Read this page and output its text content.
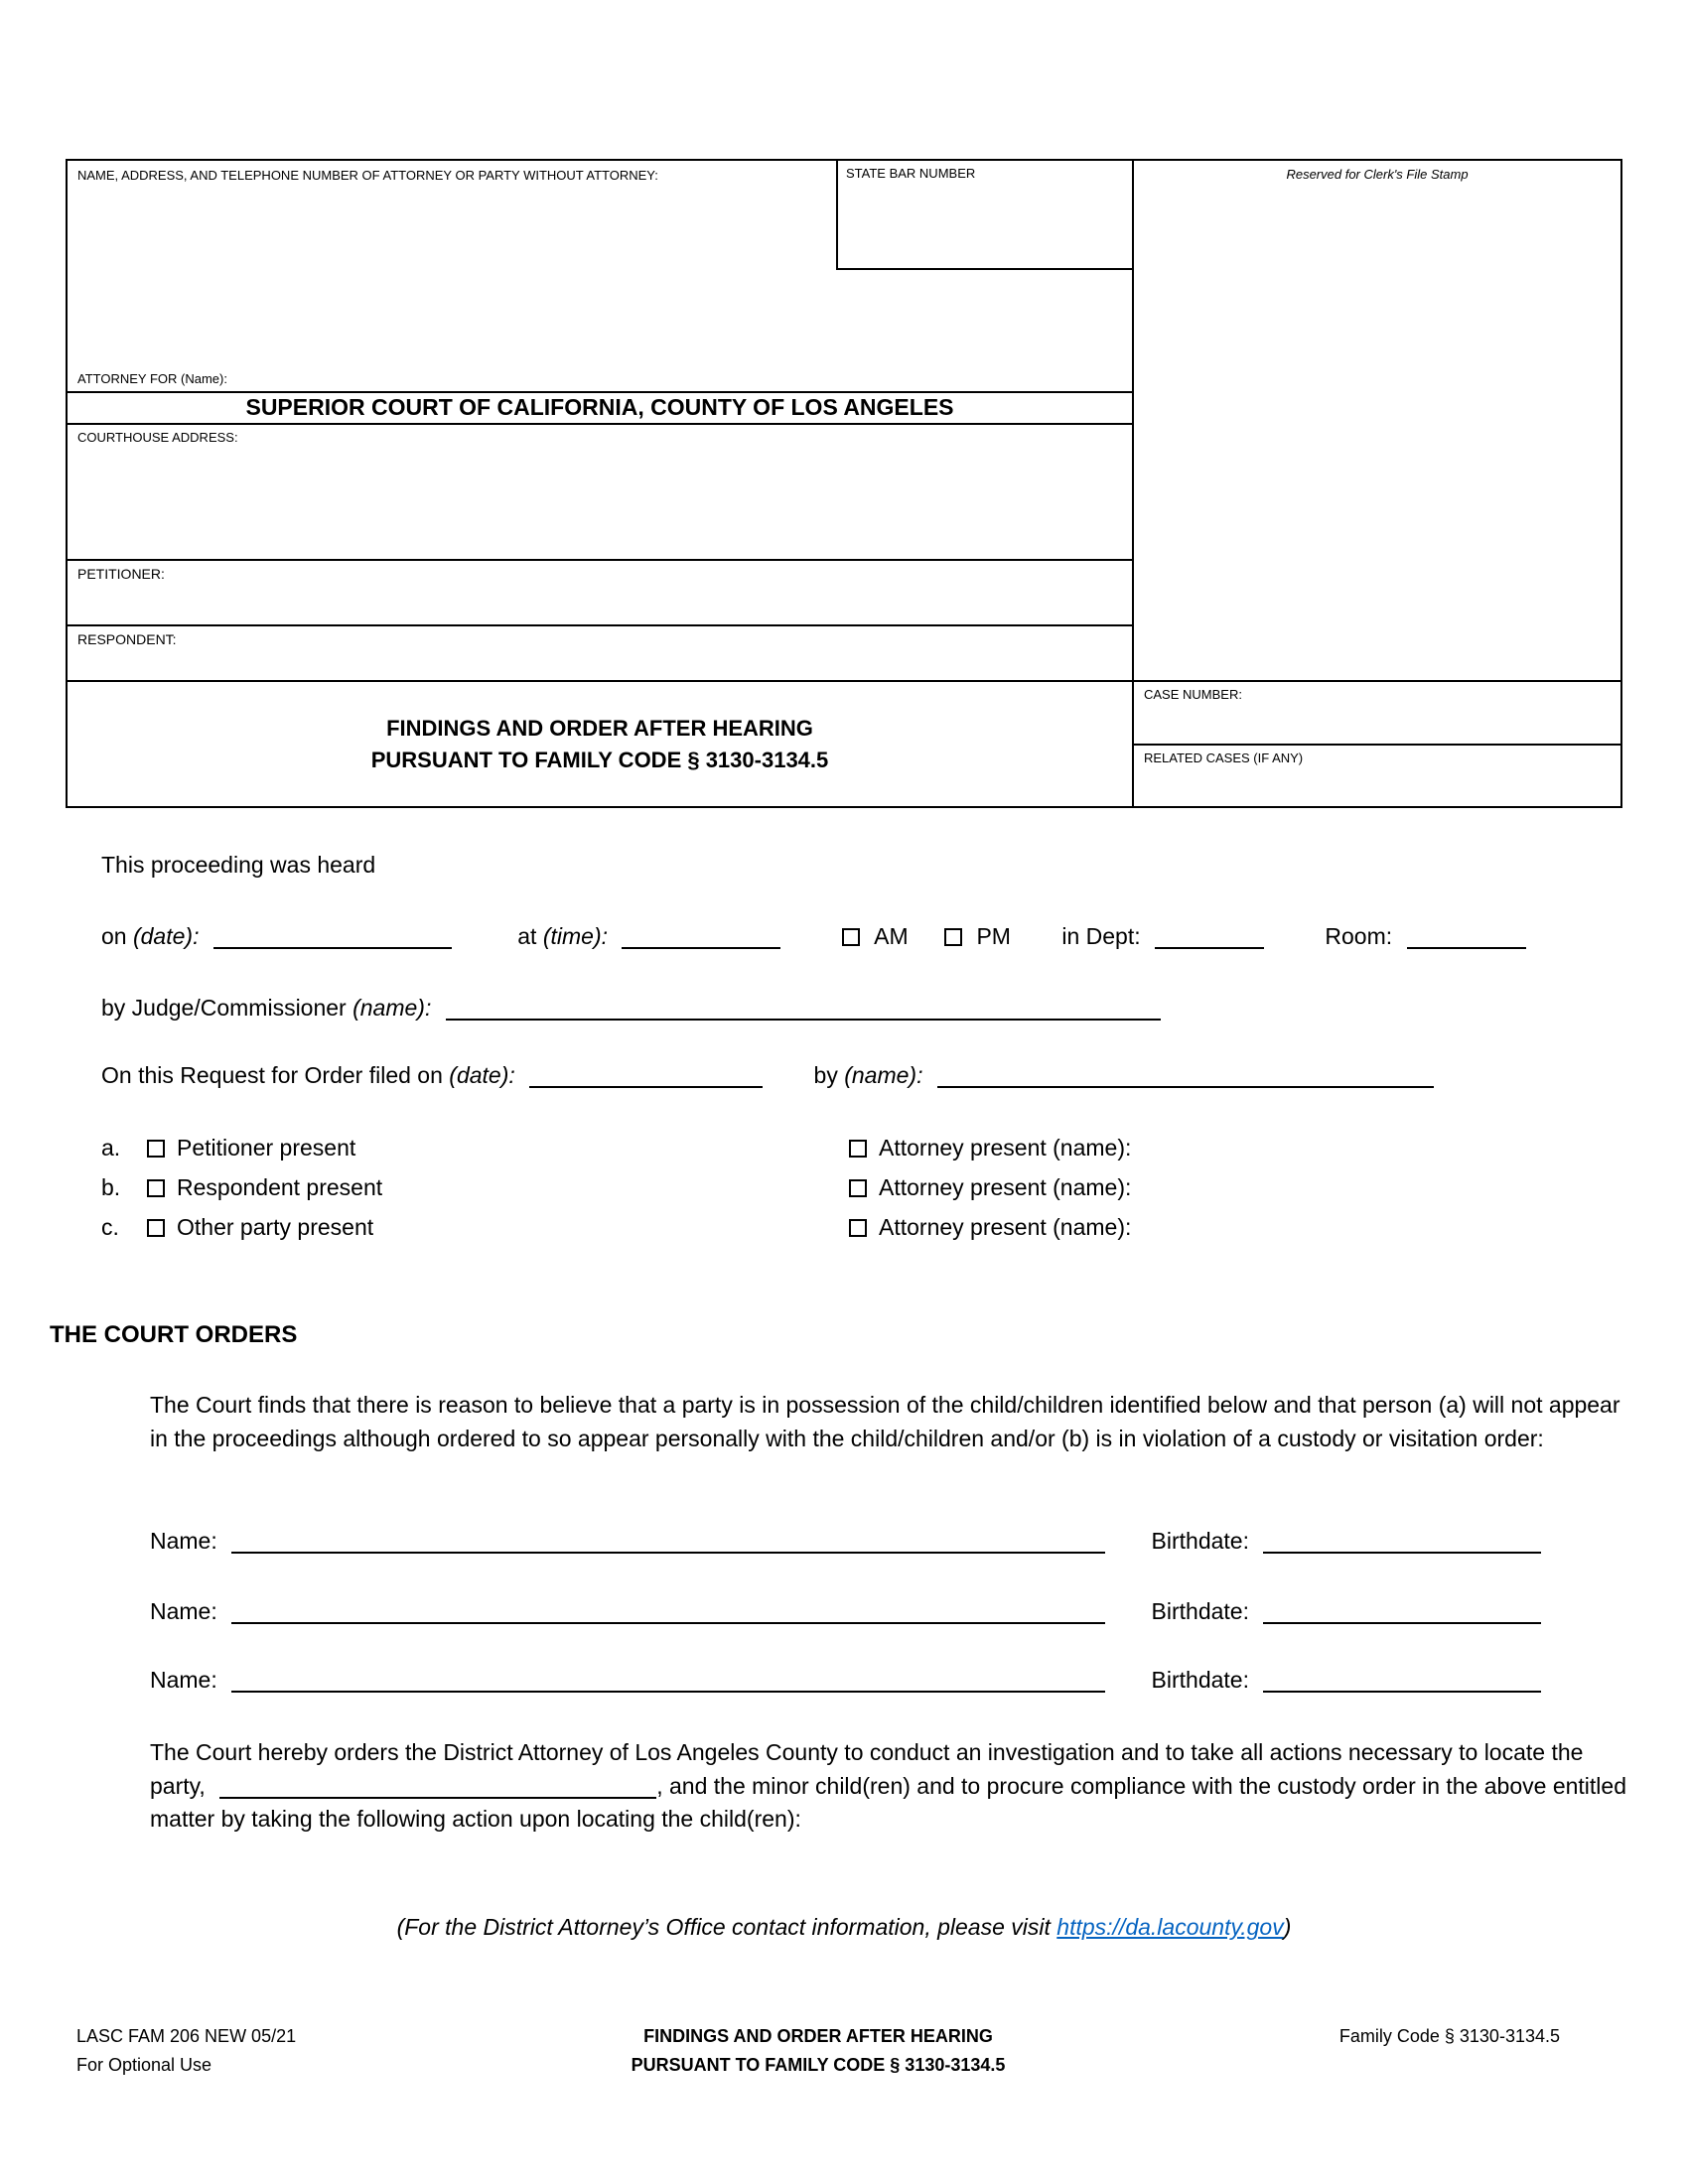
NAME, ADDRESS, AND TELEPHONE NUMBER OF ATTORNEY OR PARTY WITHOUT ATTORNEY:	STATE BAR NUMBER
ATTORNEY FOR (Name):
SUPERIOR COURT OF CALIFORNIA, COUNTY OF LOS ANGELES
COURTHOUSE ADDRESS:
PETITIONER:
RESPONDENT:
Reserved for Clerk's File Stamp
FINDINGS AND ORDER AFTER HEARING
PURSUANT TO FAMILY CODE § 3130-3134.5
CASE NUMBER:
RELATED CASES (IF ANY)
This proceeding was heard
on (date):	at (time):	AM	PM in Dept:	Room:
by Judge/Commissioner (name):
On this Request for Order filed on (date):	by (name):
a. Petitioner present	Attorney present (name):
b. Respondent present	Attorney present (name):
c.	Other party present	Attorney present (name):
THE COURT ORDERS
The Court finds that there is reason to believe that a party is in possession of the child/children identified below and that person (a) will not appear in the proceedings although ordered to so appear personally with the child/children and/or (b) is in violation of a custody or visitation order:
Name:	Birthdate:
Name:	Birthdate:
Name:	Birthdate:
The Court hereby orders the District Attorney of Los Angeles County to conduct an investigation and to take all actions necessary to locate the party,	, and the minor child(ren) and to procure compliance with the custody order in the above entitled matter by taking the following action upon locating the child(ren):
(For the District Attorney’s Office contact information, please visit https://da.lacounty.gov)
LASC FAM 206 NEW 05/21
For Optional Use
FINDINGS AND ORDER AFTER HEARING
PURSUANT TO FAMILY CODE § 3130-3134.5
Family Code § 3130-3134.5
